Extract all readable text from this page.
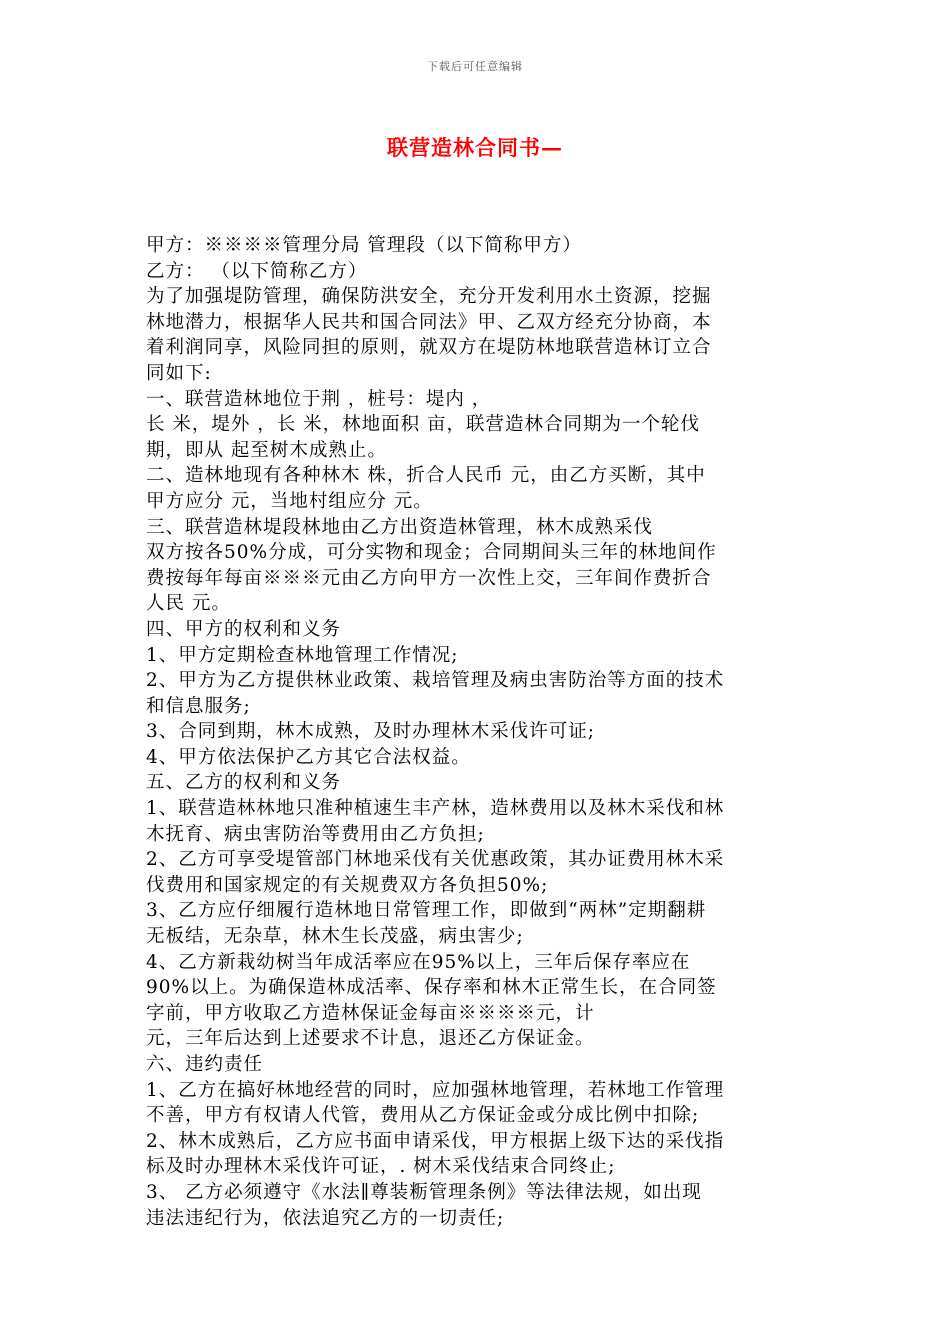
下载后可任意编辑
联营造林合同书—
甲方：※※※※管理分局 管理段（以下简称甲方）
乙方： （以下简称乙方）
为了加强堤防管理，确保防洪安全，充分开发利用水土资源，挖掘
林地潜力，根据华人民共和国合同法》甲、乙双方经充分协商，本
着利润同享，风险同担的原则，就双方在堤防林地联营造林订立合
同如下:
一、联营造林地位于荆 ，桩号：堤内 ，
长 米，堤外 ，长 米，林地面积 亩，联营造林合同期为一个轮伐
期，即从 起至树木成熟止。
二、造林地现有各种林木 株，折合人民币 元，由乙方买断，其中
甲方应分 元，当地村组应分 元。
三、联营造林堤段林地由乙方出资造林管理，林木成熟采伐
双方按各50%分成，可分实物和现金；合同期间头三年的林地间作
费按每年每亩※※※元由乙方向甲方一次性上交，三年间作费折合
人民 元。
四、甲方的权利和义务
1、甲方定期检查林地管理工作情况;
2、甲方为乙方提供林业政策、栽培管理及病虫害防治等方面的技术
和信息服务;
3、合同到期，林木成熟，及时办理林木采伐许可证;
4、甲方依法保护乙方其它合法权益。
五、乙方的权利和义务
1、联营造林林地只准种植速生丰产林，造林费用以及林木采伐和林
木抚育、病虫害防治等费用由乙方负担;
2、乙方可享受堤管部门林地采伐有关优惠政策，其办证费用林木采
伐费用和国家规定的有关规费双方各负担50%;
3、乙方应仔细履行造林地日常管理工作，即做到“两林”定期翻耕
无板结，无杂草，林木生长茂盛，病虫害少;
4、乙方新栽幼树当年成活率应在95%以上，三年后保存率应在
90%以上。为确保造林成活率、保存率和林木正常生长，在合同签
字前，甲方收取乙方造林保证金每亩※※※※元，计
元，三年后达到上述要求不计息，退还乙方保证金。
六、违约责任
1、乙方在搞好林地经营的同时，应加强林地管理，若林地工作管理
不善，甲方有权请人代管，费用从乙方保证金或分成比例中扣除;
2、林木成熟后，乙方应书面申请采伐，甲方根据上级下达的采伐指
标及时办理林木采伐许可证，. 树木采伐结束合同终止;
3、 乙方必须遵守《水法∥尊装粝管理条例》等法律法规，如出现
违法违纪行为，依法追究乙方的一切责任;
